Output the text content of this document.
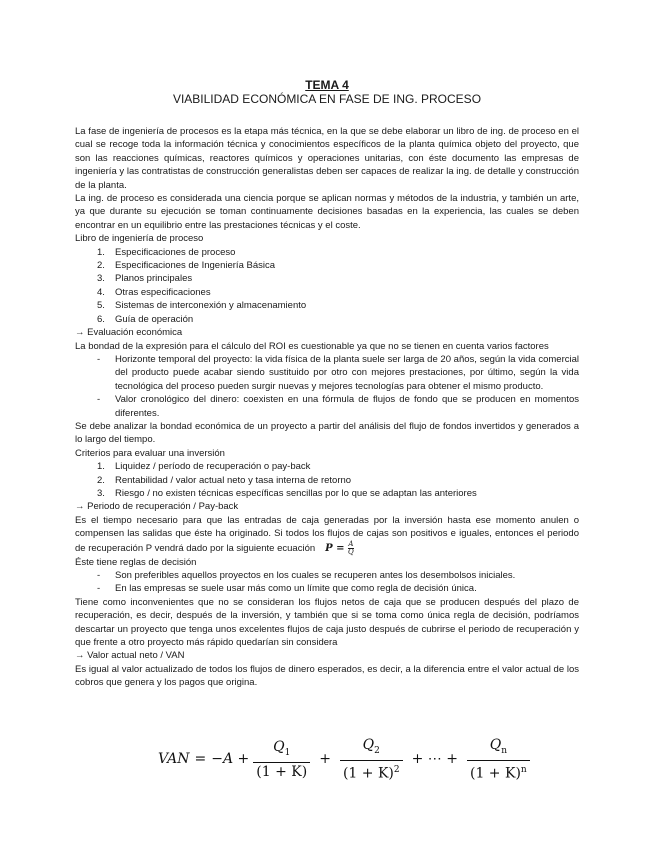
TEMA 4
VIABILIDAD ECONÓMICA EN FASE DE ING. PROCESO

La fase de ingeniería de procesos es la etapa más técnica, en la que se debe elaborar un libro de ing. de proceso en el cual se recoge toda la información técnica y conocimientos específicos de la planta química objeto del proyecto, que son las reacciones químicas, reactores químicos y operaciones unitarias, con éste documento las empresas de ingeniería y las contratistas de construcción generalistas deben ser capaces de realizar la ing. de detalle y construcción de la planta.

La ing. de proceso es considerada una ciencia porque se aplican normas y métodos de la industria, y también un arte, ya que durante su ejecución se toman continuamente decisiones basadas en la experiencia, las cuales se deben encontrar en un equilibrio entre las prestaciones técnicas y el coste.

Libro de ingeniería de proceso

1. Especificaciones de proceso
2. Especificaciones de Ingeniería Básica
3. Planos principales
4. Otras especificaciones
5. Sistemas de interconexión y almacenamiento
6. Guía de operación

→ Evaluación económica

La bondad de la expresión para el cálculo del ROI es cuestionable ya que no se tienen en cuenta varios factores

- Horizonte temporal del proyecto: la vida física de la planta suele ser larga de 20 años, según la vida comercial del producto puede acabar siendo sustituido por otro con mejores prestaciones, por último, según la vida tecnológica del proceso pueden surgir nuevas y mejores tecnologías para obtener el mismo producto.
- Valor cronológico del dinero: coexisten en una fórmula de flujos de fondo que se producen en momentos diferentes.

Se debe analizar la bondad económica de un proyecto a partir del análisis del flujo de fondos invertidos y generados a lo largo del tiempo.

Criterios para evaluar una inversión

1. Liquidez / período de recuperación o pay-back
2. Rentabilidad / valor actual neto y tasa interna de retorno
3. Riesgo / no existen técnicas específicas sencillas por lo que se adaptan las anteriores

→ Periodo de recuperación / Pay-back

Es el tiempo necesario para que las entradas de caja generadas por la inversión hasta ese momento anulen o compensen las salidas que éste ha originado. Si todos los flujos de cajas son positivos e iguales, entonces el periodo de recuperación P vendrá dado por la siguiente ecuación $P = \frac{A}{Q}$

Éste tiene reglas de decisión

- Son preferibles aquellos proyectos en los cuales se recuperen antes los desembolsos iniciales.
- En las empresas se suele usar más como un límite que como regla de decisión única.

Tiene como inconvenientes que no se consideran los flujos netos de caja que se producen después del plazo de recuperación, es decir, después de la inversión, y también que si se toma como única regla de decisión, podríamos descartar un proyecto que tenga unos excelentes flujos de caja justo después de cubrirse el periodo de recuperación y que frente a otro proyecto más rápido quedarían sin considera

→ Valor actual neto / VAN

Es igual al valor actualizado de todos los flujos de dinero esperados, es decir, a la diferencia entre el valor actual de los cobros que genera y los pagos que origina.

VAN = $-A + \frac{Q_1}{(1 + K)} + \frac{Q_2}{(1 + K)^2}$ + ⋯ + $\frac{Q_n}{(1 + K)^n}$
